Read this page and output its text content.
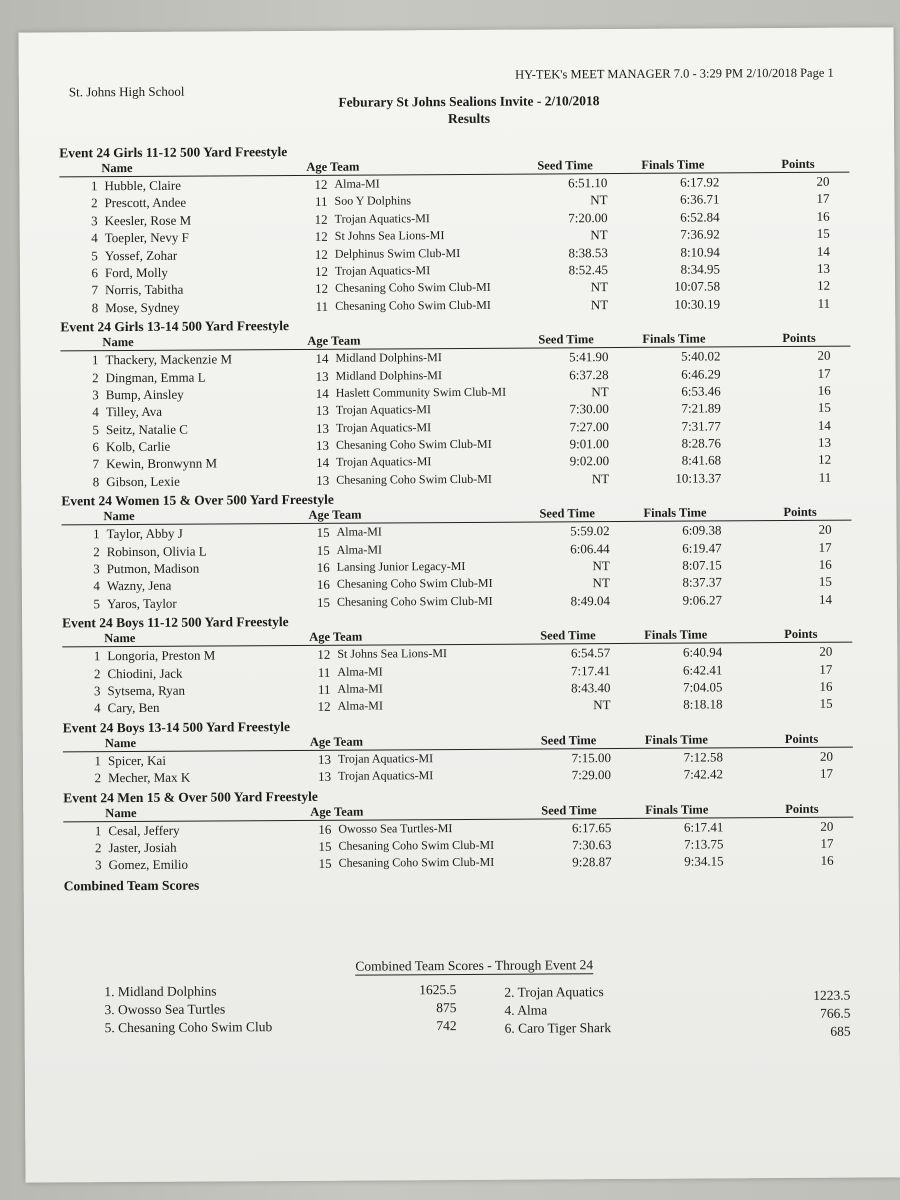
St. Johns High School
HY-TEK's MEET MANAGER 7.0 - 3:29 PM 2/10/2018 Page 1
Feburary St Johns Sealions Invite - 2/10/2018
Results
Event 24 Girls 11-12 500 Yard Freestyle
Name	Age Team	Seed Time	Finals Time	Points
1 Hubble, Claire	12 Alma-MI	6:51.10	6:17.92	20
2 Prescott, Andee	11 Soo Y Dolphins	NT	6:36.71	17
3 Keesler, Rose M	12 Trojan Aquatics-MI	7:20.00	6:52.84	16
4 Toepler, Nevy F	12 St Johns Sea Lions-MI	NT	7:36.92	15
5 Yossef, Zohar	12 Delphinus Swim Club-MI	8:38.53	8:10.94	14
6 Ford, Molly	12 Trojan Aquatics-MI	8:52.45	8:34.95	13
7 Norris, Tabitha	12 Chesaning Coho Swim Club-MI	NT	10:07.58	12
8 Mose, Sydney	11 Chesaning Coho Swim Club-MI	NT	10:30.19	11
Event 24 Girls 13-14 500 Yard Freestyle
Name	Age Team	Seed Time	Finals Time	Points
1 Thackery, Mackenzie M	14 Midland Dolphins-MI	5:41.90	5:40.02	20
2 Dingman, Emma L	13 Midland Dolphins-MI	6:37.28	6:46.29	17
3 Bump, Ainsley	14 Haslett Community Swim Club-MI	NT	6:53.46	16
4 Tilley, Ava	13 Trojan Aquatics-MI	7:30.00	7:21.89	15
5 Seitz, Natalie C	13 Trojan Aquatics-MI	7:27.00	7:31.77	14
6 Kolb, Carlie	13 Chesaning Coho Swim Club-MI	9:01.00	8:28.76	13
7 Kewin, Bronwynn M	14 Trojan Aquatics-MI	9:02.00	8:41.68	12
8 Gibson, Lexie	13 Chesaning Coho Swim Club-MI	NT	10:13.37	11
Event 24 Women 15 & Over 500 Yard Freestyle
Name	Age Team	Seed Time	Finals Time	Points
1 Taylor, Abby J	15 Alma-MI	5:59.02	6:09.38	20
2 Robinson, Olivia L	15 Alma-MI	6:06.44	6:19.47	17
3 Putmon, Madison	16 Lansing Junior Legacy-MI	NT	8:07.15	16
4 Wazny, Jena	16 Chesaning Coho Swim Club-MI	NT	8:37.37	15
5 Yaros, Taylor	15 Chesaning Coho Swim Club-MI	8:49.04	9:06.27	14
Event 24 Boys 11-12 500 Yard Freestyle
Name	Age Team	Seed Time	Finals Time	Points
1 Longoria, Preston M	12 St Johns Sea Lions-MI	6:54.57	6:40.94	20
2 Chiodini, Jack	11 Alma-MI	7:17.41	6:42.41	17
3 Sytsema, Ryan	11 Alma-MI	8:43.40	7:04.05	16
4 Cary, Ben	12 Alma-MI	NT	8:18.18	15
Event 24 Boys 13-14 500 Yard Freestyle
Name	Age Team	Seed Time	Finals Time	Points
1 Spicer, Kai	13 Trojan Aquatics-MI	7:15.00	7:12.58	20
2 Mecher, Max K	13 Trojan Aquatics-MI	7:29.00	7:42.42	17
Event 24 Men 15 & Over 500 Yard Freestyle
Name	Age Team	Seed Time	Finals Time	Points
1 Cesal, Jeffery	16 Owosso Sea Turtles-MI	6:17.65	6:17.41	20
2 Jaster, Josiah	15 Chesaning Coho Swim Club-MI	7:30.63	7:13.75	17
3 Gomez, Emilio	15 Chesaning Coho Swim Club-MI	9:28.87	9:34.15	16
Combined Team Scores
Combined Team Scores - Through Event 24
1. Midland Dolphins	1625.5	2. Trojan Aquatics	1223.5
3. Owosso Sea Turtles	875	4. Alma	766.5
5. Chesaning Coho Swim Club	742	6. Caro Tiger Shark	685
